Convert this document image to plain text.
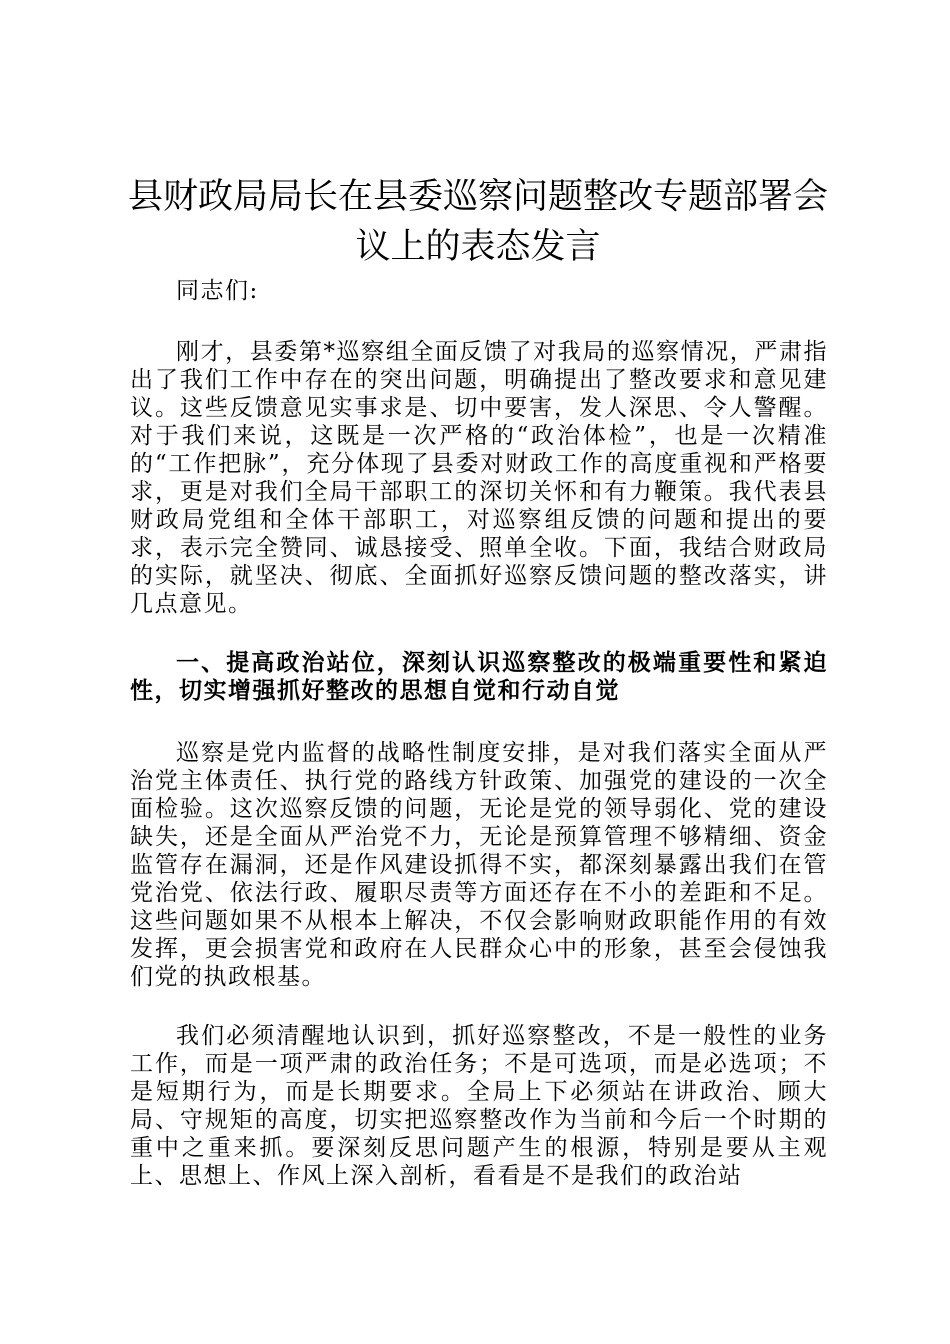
县财政局局长在县委巡察问题整改专题部署会议上的表态发言

同志们:

刚才，县委第*巡察组全面反馈了对我局的巡察情况，严肃指出了我们工作中存在的突出问题，明确提出了整改要求和意见建议。这些反馈意见实事求是、切中要害，发人深思、令人警醒。对于我们来说，这既是一次严格的“政治体检”，也是一次精准的“工作把脉”，充分体现了县委对财政工作的高度重视和严格要求，更是对我们全局干部职工的深切关怀和有力鞭策。我代表县财政局党组和全体干部职工，对巡察组反馈的问题和提出的要求，表示完全赞同、诚恳接受、照单全收。下面，我结合财政局的实际，就坚决、彻底、全面抓好巡察反馈问题的整改落实，讲几点意见。

一、提高政治站位，深刻认识巡察整改的极端重要性和紧迫性，切实增强抓好整改的思想自觉和行动自觉

巡察是党内监督的战略性制度安排，是对我们落实全面从严治党主体责任、执行党的路线方针政策、加强党的建设的一次全面检验。这次巡察反馈的问题，无论是党的领导弱化、党的建设缺失，还是全面从严治党不力，无论是预算管理不够精细、资金监管存在漏洞，还是作风建设抓得不实，都深刻暴露出我们在管党治党、依法行政、履职尽责等方面还存在不小的差距和不足。这些问题如果不从根本上解决，不仅会影响财政职能作用的有效发挥，更会损害党和政府在人民群众心中的形象，甚至会侵蚀我们党的执政根基。

我们必须清醒地认识到，抓好巡察整改，不是一般性的业务工作，而是一项严肃的政治任务；不是可选项，而是必选项；不是短期行为，而是长期要求。全局上下必须站在讲政治、顾大局、守规矩的高度，切实把巡察整改作为当前和今后一个时期的重中之重来抓。要深刻反思问题产生的根源，特别是要从主观上、思想上、作风上深入剖析，看看是不是我们的政治站
